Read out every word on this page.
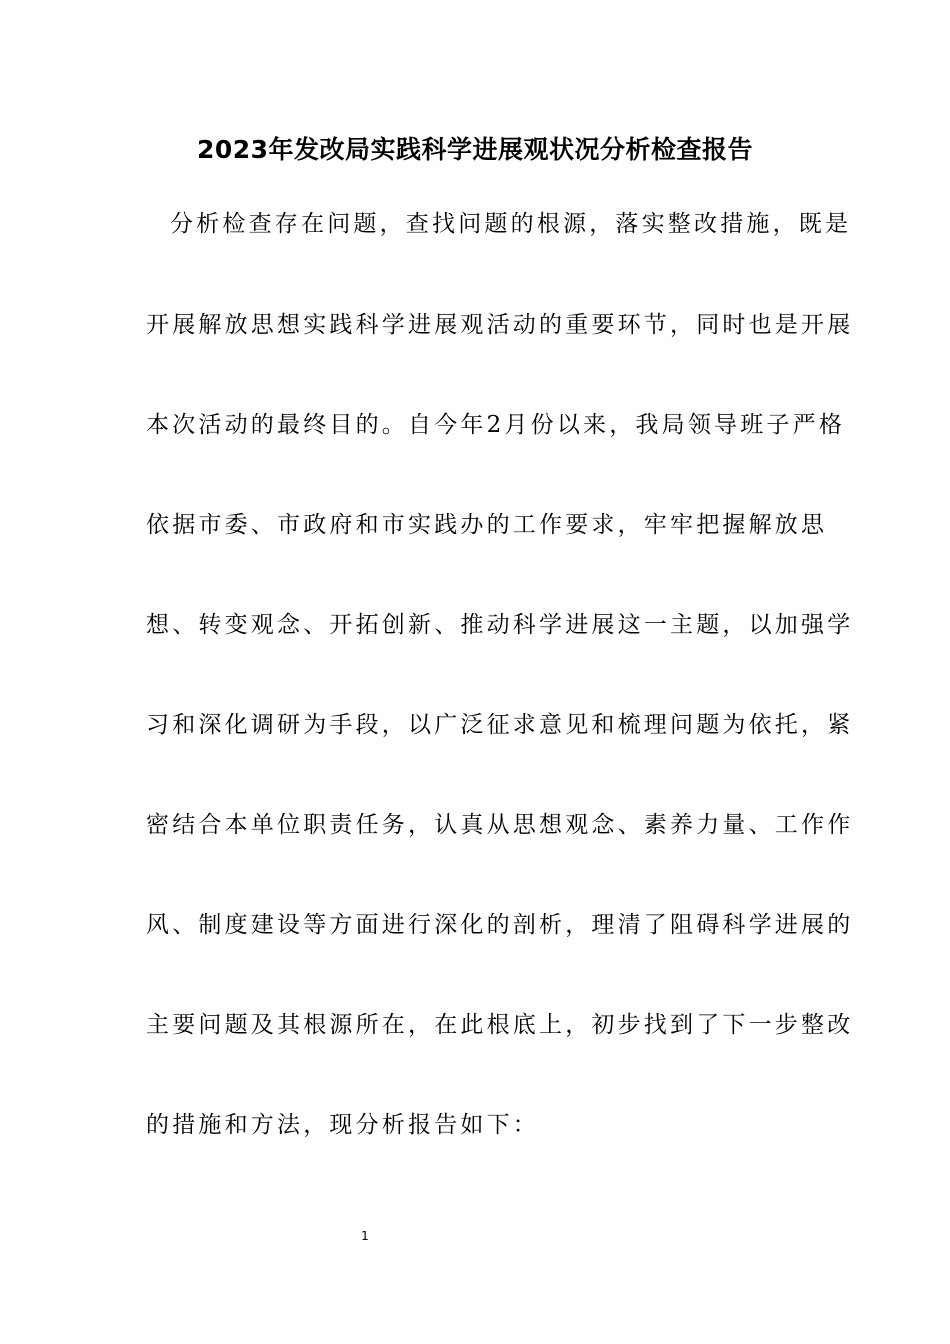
2023年发改局实践科学进展观状况分析检查报告
分析检查存在问题，查找问题的根源，落实整改措施，既是
开展解放思想实践科学进展观活动的重要环节，同时也是开展
本次活动的最终目的。自今年2月份以来，我局领导班子严格
依据市委、市政府和市实践办的工作要求，牢牢把握解放思
想、转变观念、开拓创新、推动科学进展这一主题，以加强学
习和深化调研为手段，以广泛征求意见和梳理问题为依托，紧
密结合本单位职责任务，认真从思想观念、素养力量、工作作
风、制度建设等方面进行深化的剖析，理清了阻碍科学进展的
主要问题及其根源所在，在此根底上，初步找到了下一步整改
的措施和方法，现分析报告如下：
1
